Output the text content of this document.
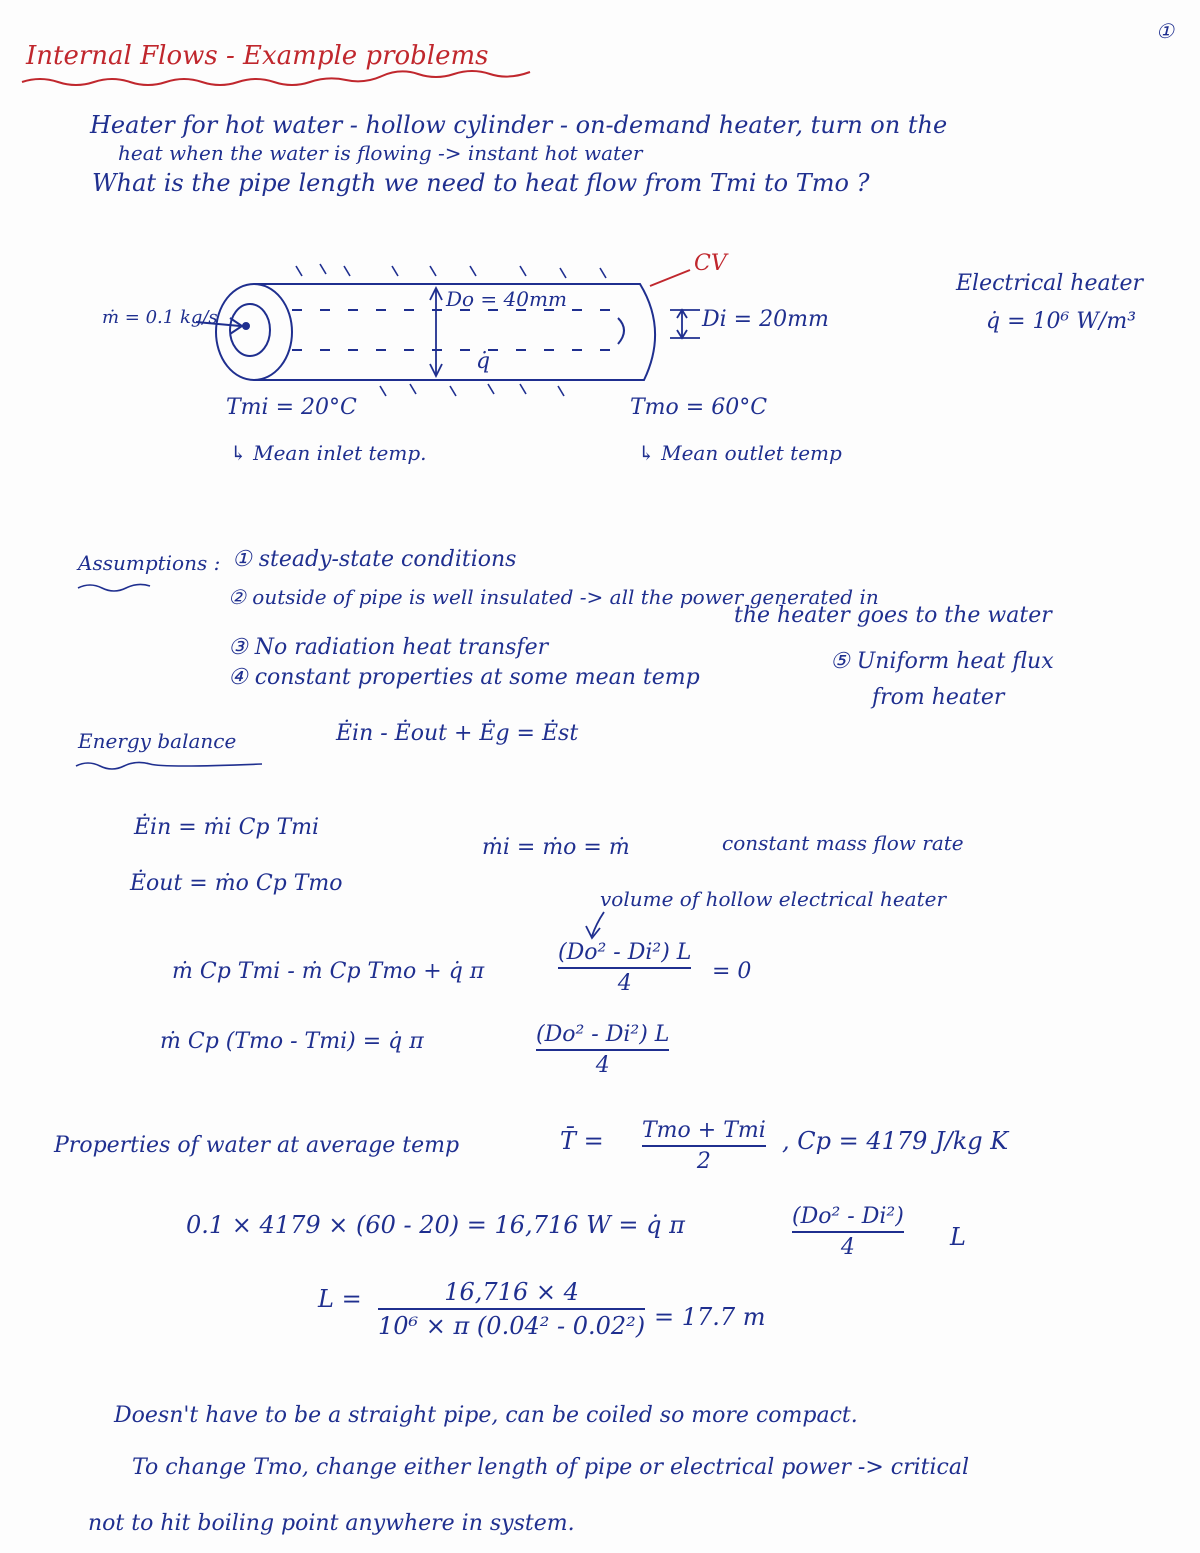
①
Internal Flows - Example problems
Heater for hot water - hollow cylinder - on-demand heater, turn on the
heat when the water is flowing -> instant hot water
What is the pipe length we need to heat flow from Tmi to Tmo ?
CV
ṁ = 0.1 kg/s
Do = 40mm
Di = 20mm
q̇
Tmi = 20°C
↳ Mean inlet temp.
Tmo = 60°C
↳ Mean outlet temp
Electrical heater
q̇ = 10⁶ W/m³
Assumptions : ① steady-state conditions
② outside of pipe is well insulated -> all the power generated in
the heater goes to the water
③ No radiation heat transfer
④ constant properties at some mean temp
⑤ Uniform heat flux
from heater
Energy balance	Ėin - Ėout + Ėg = Ėst
Ėin = ṁi Cp Tmi
Ėout = ṁo Cp Tmo
ṁi = ṁo = ṁ	constant mass flow rate
volume of hollow electrical heater
ṁ Cp Tmi - ṁ Cp Tmo + q̇ π
(Do² - Di²) L
4	= 0
ṁ Cp (Tmo - Tmi) = q̇ π	(Do² - Di²) L
4
Properties of water at average temp	T̄ = Tmo + Tmi
2
, Cp = 4179 J/kg K
0.1 × 4179 × (60 - 20) = 16,716 W = q̇ π	(Do² - Di²)
4	L
L =	16,716 × 4
10⁶ × π (0.04² - 0.02²) = 17.7 m
Doesn't have to be a straight pipe, can be coiled so more compact.
To change Tmo, change either length of pipe or electrical power -> critical
not to hit boiling point anywhere in system.
